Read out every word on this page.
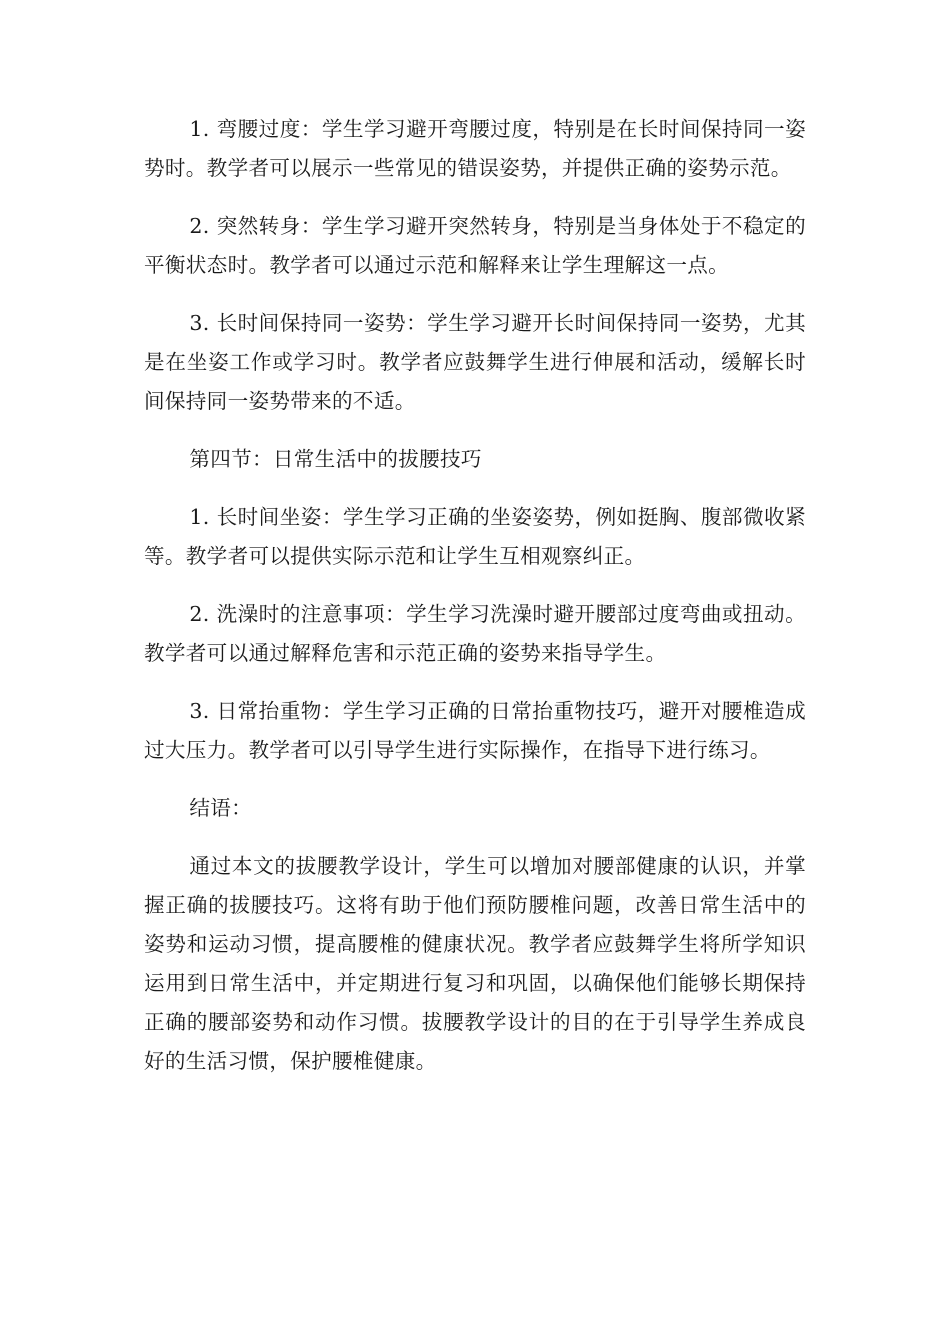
1. 弯腰过度：学生学习避开弯腰过度，特别是在长时间保持同一姿势时。教学者可以展示一些常见的错误姿势，并提供正确的姿势示范。

2. 突然转身：学生学习避开突然转身，特别是当身体处于不稳定的平衡状态时。教学者可以通过示范和解释来让学生理解这一点。

3. 长时间保持同一姿势：学生学习避开长时间保持同一姿势，尤其是在坐姿工作或学习时。教学者应鼓舞学生进行伸展和活动，缓解长时间保持同一姿势带来的不适。

第四节：日常生活中的拔腰技巧

1. 长时间坐姿：学生学习正确的坐姿姿势，例如挺胸、腹部微收紧等。教学者可以提供实际示范和让学生互相观察纠正。

2. 洗澡时的注意事项：学生学习洗澡时避开腰部过度弯曲或扭动。教学者可以通过解释危害和示范正确的姿势来指导学生。

3. 日常抬重物：学生学习正确的日常抬重物技巧，避开对腰椎造成过大压力。教学者可以引导学生进行实际操作，在指导下进行练习。

结语：

通过本文的拔腰教学设计，学生可以增加对腰部健康的认识，并掌握正确的拔腰技巧。这将有助于他们预防腰椎问题，改善日常生活中的姿势和运动习惯，提高腰椎的健康状况。教学者应鼓舞学生将所学知识运用到日常生活中，并定期进行复习和巩固，以确保他们能够长期保持正确的腰部姿势和动作习惯。拔腰教学设计的目的在于引导学生养成良好的生活习惯，保护腰椎健康。
